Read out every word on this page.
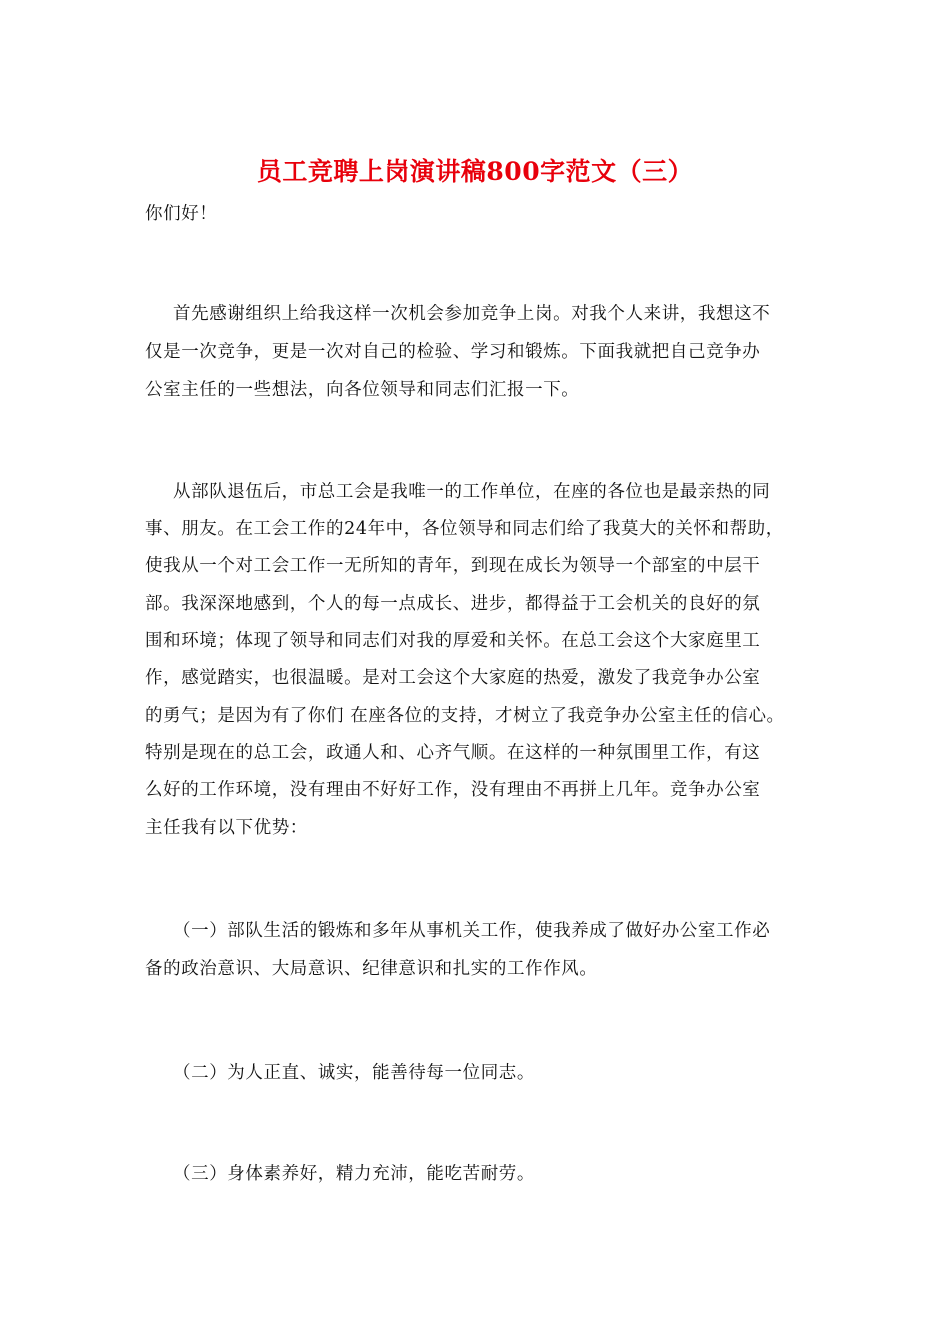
员工竞聘上岗演讲稿800字范文（三）
你们好！
首先感谢组织上给我这样一次机会参加竞争上岗。对我个人来讲，我想这不
仅是一次竞争，更是一次对自己的检验、学习和锻炼。下面我就把自己竞争办
公室主任的一些想法，向各位领导和同志们汇报一下。
从部队退伍后，市总工会是我唯一的工作单位，在座的各位也是最亲热的同
事、朋友。在工会工作的24年中，各位领导和同志们给了我莫大的关怀和帮助，
使我从一个对工会工作一无所知的青年，到现在成长为领导一个部室的中层干
部。我深深地感到，个人的每一点成长、进步，都得益于工会机关的良好的氛
围和环境；体现了领导和同志们对我的厚爱和关怀。在总工会这个大家庭里工
作，感觉踏实，也很温暖。是对工会这个大家庭的热爱，激发了我竞争办公室
的勇气；是因为有了你们 在座各位的支持，才树立了我竞争办公室主任的信心。
特别是现在的总工会，政通人和、心齐气顺。在这样的一种氛围里工作，有这
么好的工作环境，没有理由不好好工作，没有理由不再拼上几年。竞争办公室
主任我有以下优势：
（一）部队生活的锻炼和多年从事机关工作，使我养成了做好办公室工作必
备的政治意识、大局意识、纪律意识和扎实的工作作风。
（二）为人正直、诚实，能善待每一位同志。
（三）身体素养好，精力充沛，能吃苦耐劳。
